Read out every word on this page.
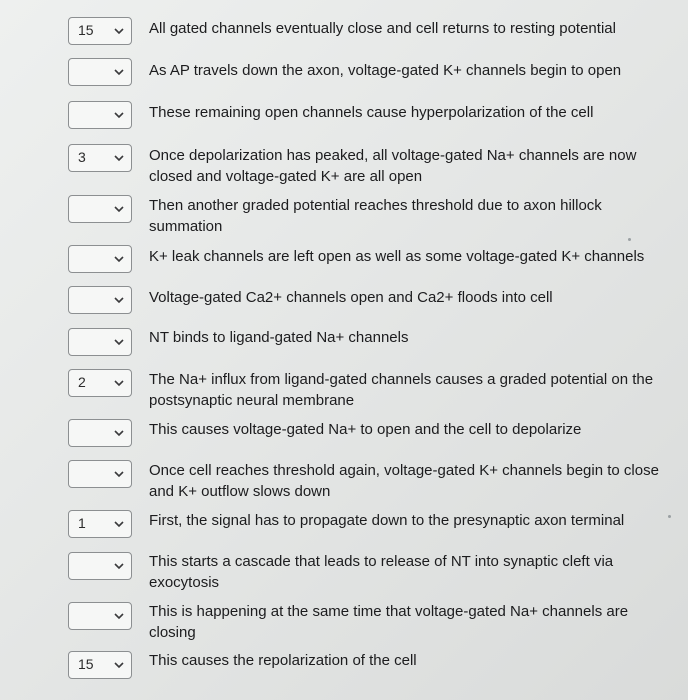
15	All gated channels eventually close and cell returns to resting potential
As AP travels down the axon, voltage-gated K+ channels begin to open
These remaining open channels cause hyperpolarization of the cell
3	Once depolarization has peaked, all voltage-gated Na+ channels are now closed and voltage-gated K+ are all open
Then another graded potential reaches threshold due to axon hillock summation
K+ leak channels are left open as well as some voltage-gated K+ channels
Voltage-gated Ca2+ channels open and Ca2+ floods into cell
NT binds to ligand-gated Na+ channels
2	The Na+ influx from ligand-gated channels causes a graded potential on the postsynaptic neural membrane
This causes voltage-gated Na+ to open and the cell to depolarize
Once cell reaches threshold again, voltage-gated K+ channels begin to close and K+ outflow slows down
1	First, the signal has to propagate down to the presynaptic axon terminal
This starts a cascade that leads to release of NT into synaptic cleft via exocytosis
This is happening at the same time that voltage-gated Na+ channels are closing
15	This causes the repolarization of the cell
